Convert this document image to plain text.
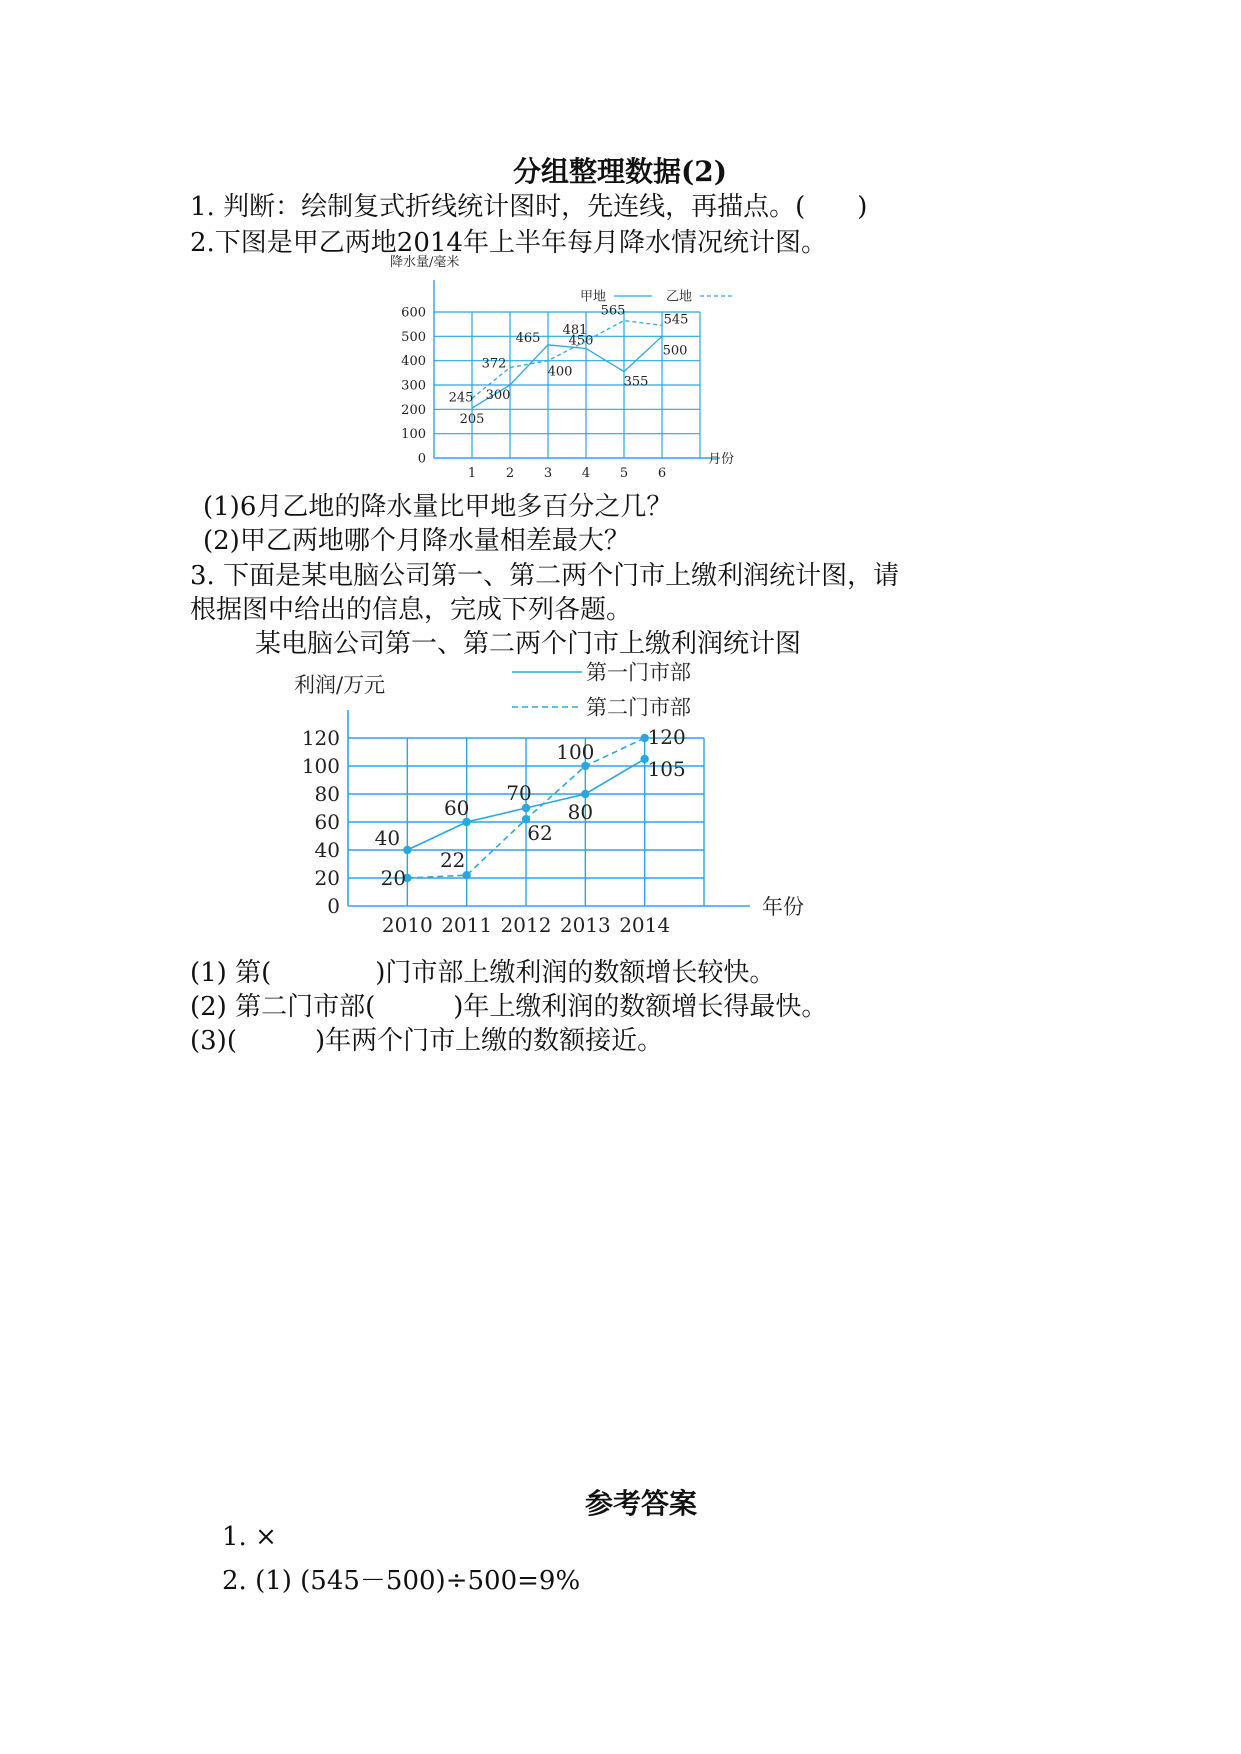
分组整理数据(2)
1. 判断：绘制复式折线统计图时，先连线，再描点。(　　)
2.下图是甲乙两地2014年上半年每月降水情况统计图。
0
100
200
300
400
500
600
1 2 3 4 5 6
降水量/毫米
月份
205
300
465 450
355
500
245
372
400
481
565
545
甲地	乙地
(1)6月乙地的降水量比甲地多百分之几？
(2)甲乙两地哪个月降水量相差最大？
3. 下面是某电脑公司第一、第二两个门市上缴利润统计图，请
根据图中给出的信息，完成下列各题。
某电脑公司第一、第二两个门市上缴利润统计图
0
20
40
60
80
100
120
2010 2011 2012 2013 2014
利润/万元
年份
40
60
70
80
105
20
22
62
100
120
第一门市部
第二门市部
(1) 第(　　　　)门市部上缴利润的数额增长较快。
(2) 第二门市部(　　　)年上缴利润的数额增长得最快。
(3)(　　　)年两个门市上缴的数额接近。
参考答案
1. ×
2. (1) (545－500)÷500=9%
